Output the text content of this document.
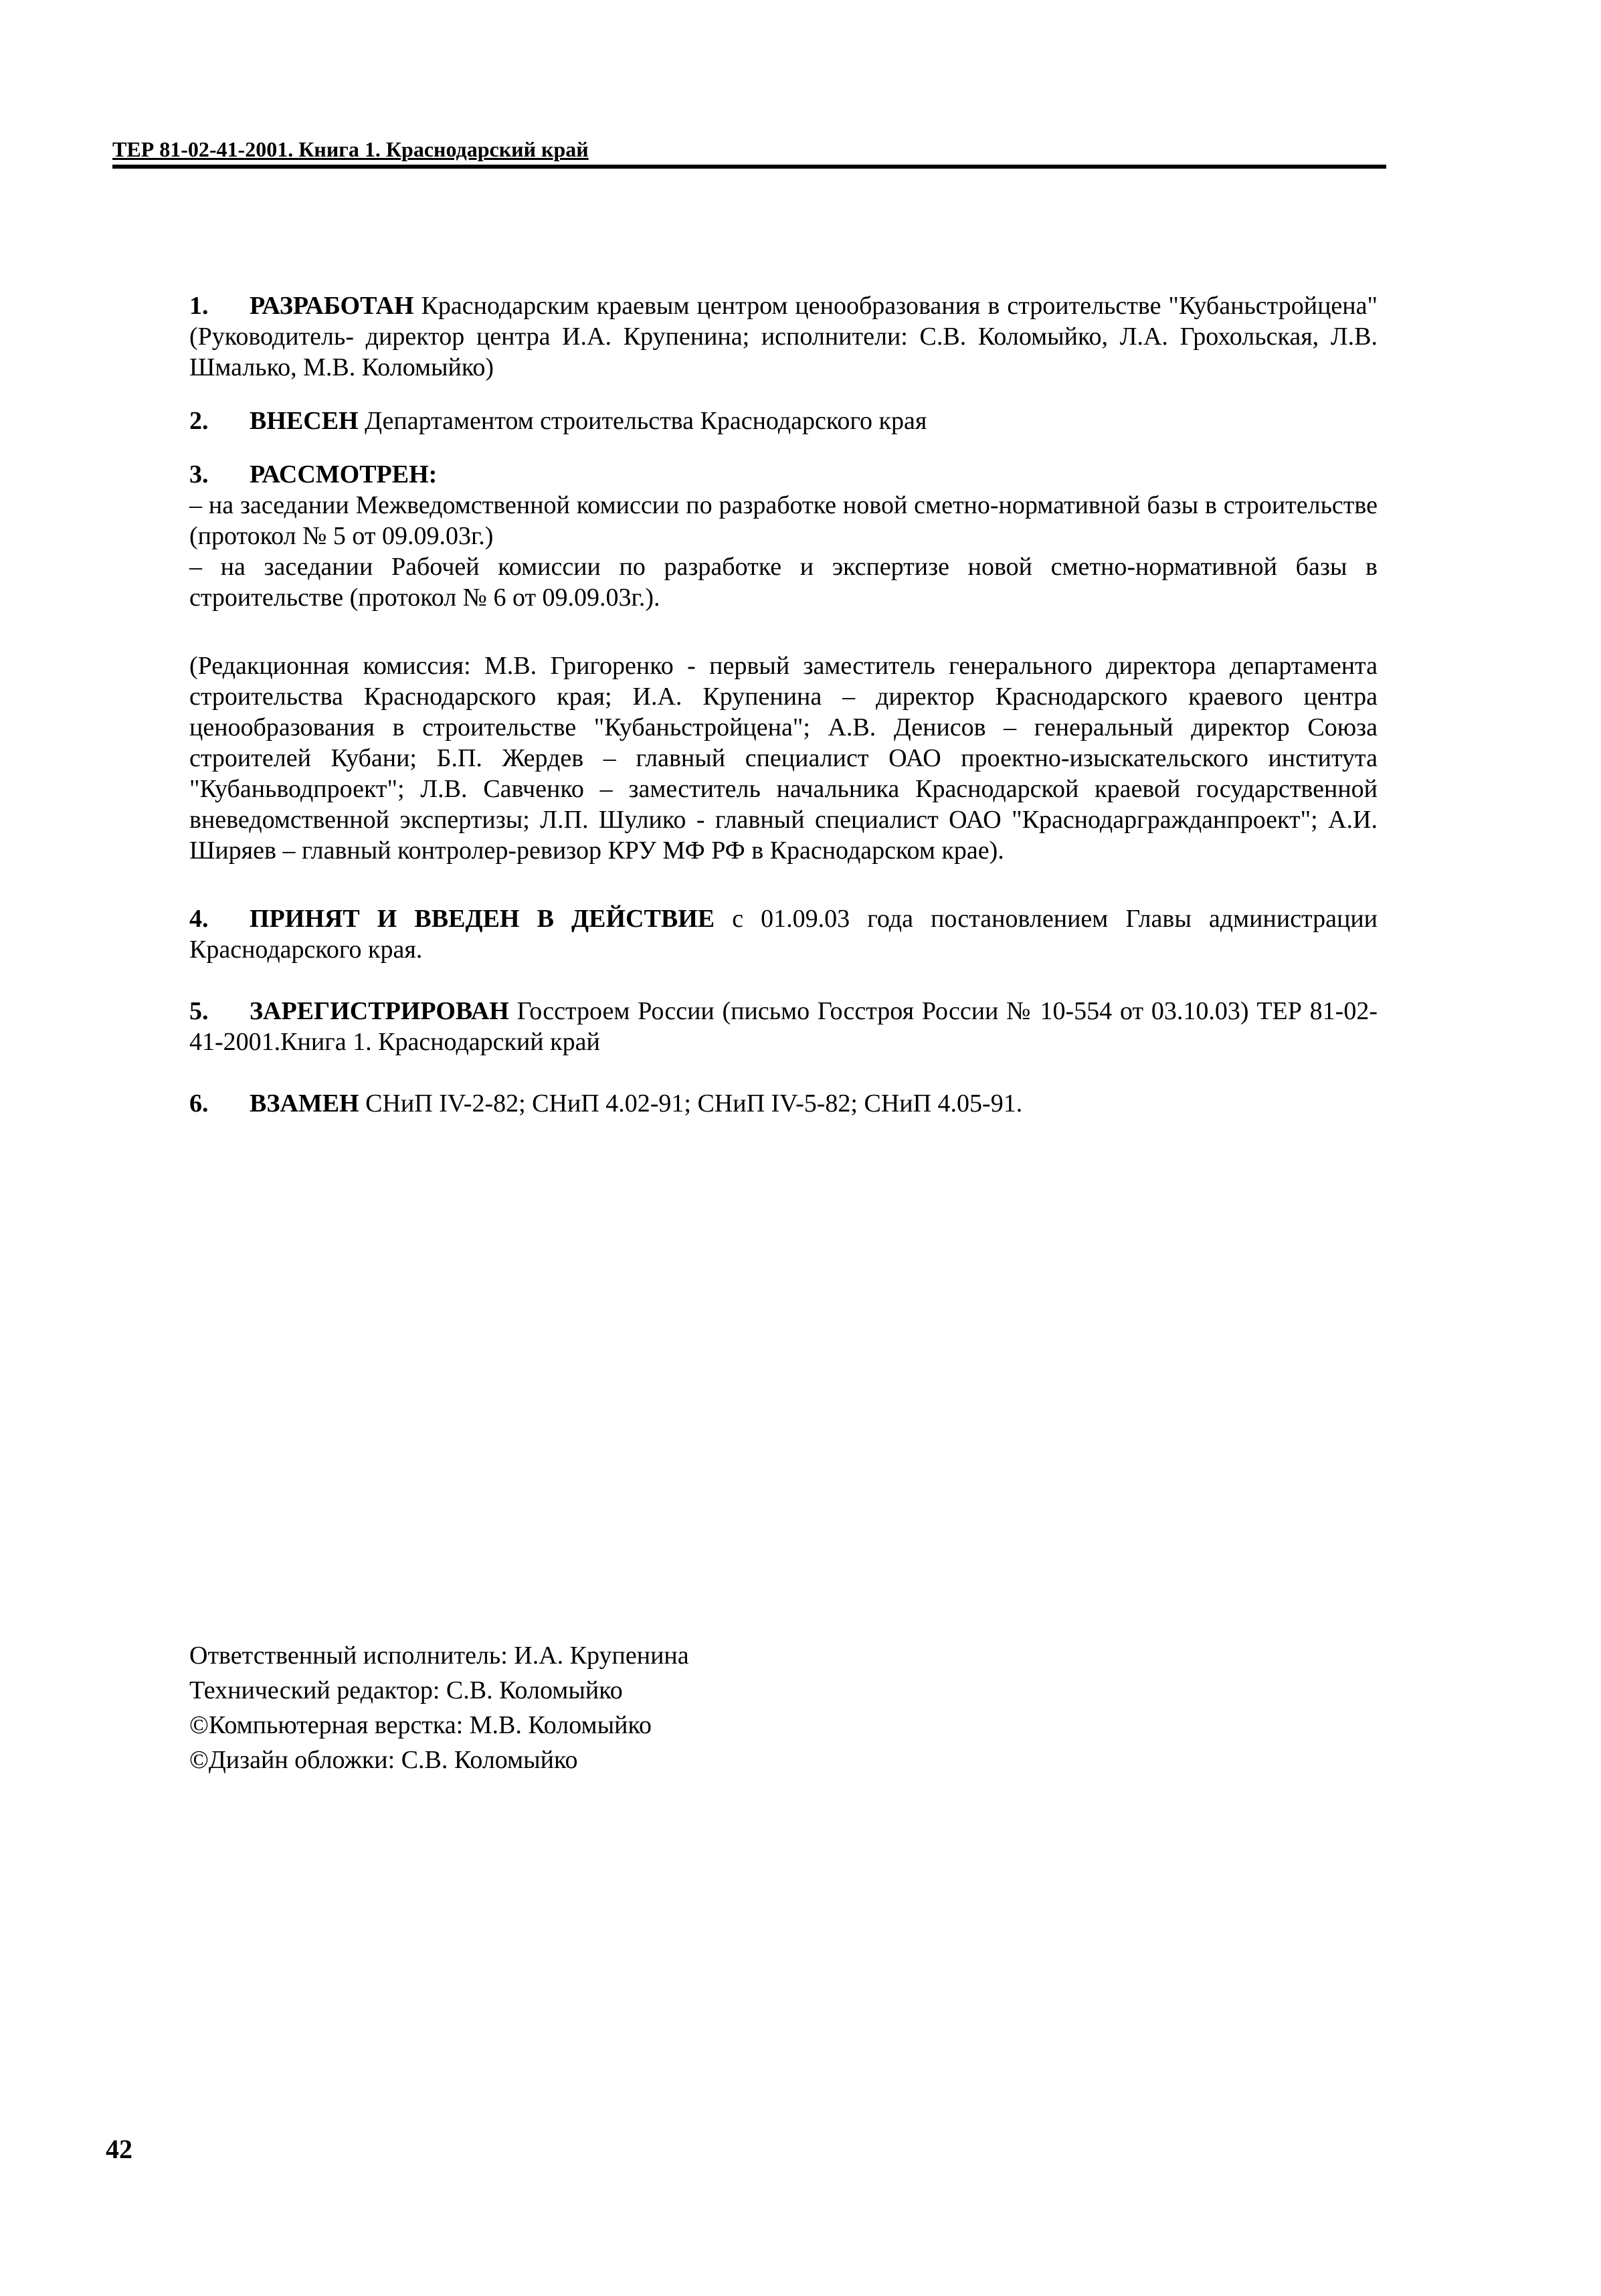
ТЕР 81-02-41-2001. Книга 1. Краснодарский край

1. РАЗРАБОТАН Краснодарским краевым центром ценообразования в строительстве "Кубаньстройцена" (Руководитель- директор центра И.А. Крупенина; исполнители: С.В. Коломыйко, Л.А. Грохольская, Л.В. Шмалько, М.В. Коломыйко)

2. ВНЕСЕН Департаментом строительства Краснодарского края

3. РАССМОТРЕН:

– на заседании Межведомственной комиссии по разработке новой сметно-нормативной базы в строительстве (протокол № 5 от 09.09.03г.)

– на заседании Рабочей комиссии по разработке и экспертизе новой сметно-нормативной базы в строительстве (протокол № 6 от 09.09.03г.).

(Редакционная комиссия: М.В. Григоренко - первый заместитель генерального директора департамента строительства Краснодарского края; И.А. Крупенина – директор Краснодарского краевого центра ценообразования в строительстве "Кубаньстройцена"; А.В. Денисов – генеральный директор Союза строителей Кубани; Б.П. Жердев – главный специалист ОАО проектно-изыскательского института "Кубаньводпроект"; Л.В. Савченко – заместитель начальника Краснодарской краевой государственной вневедомственной экспертизы; Л.П. Шулико - главный специалист ОАО "Краснодаргражданпроект"; А.И. Ширяев – главный контролер-ревизор КРУ МФ РФ в Краснодарском крае).

4. ПРИНЯТ И ВВЕДЕН В ДЕЙСТВИЕ с 01.09.03 года постановлением Главы администрации Краснодарского края.

5. ЗАРЕГИСТРИРОВАН Госстроем России (письмо Госстроя России № 10-554 от 03.10.03) ТЕР 81-02-41-2001.Книга 1. Краснодарский край

6. ВЗАМЕН СНиП IV-2-82; СНиП 4.02-91; СНиП IV-5-82; СНиП 4.05-91.

Ответственный исполнитель: И.А. Крупенина

Технический редактор: С.В. Коломыйко

©Компьютерная верстка: М.В. Коломыйко

©Дизайн обложки: С.В. Коломыйко

42
